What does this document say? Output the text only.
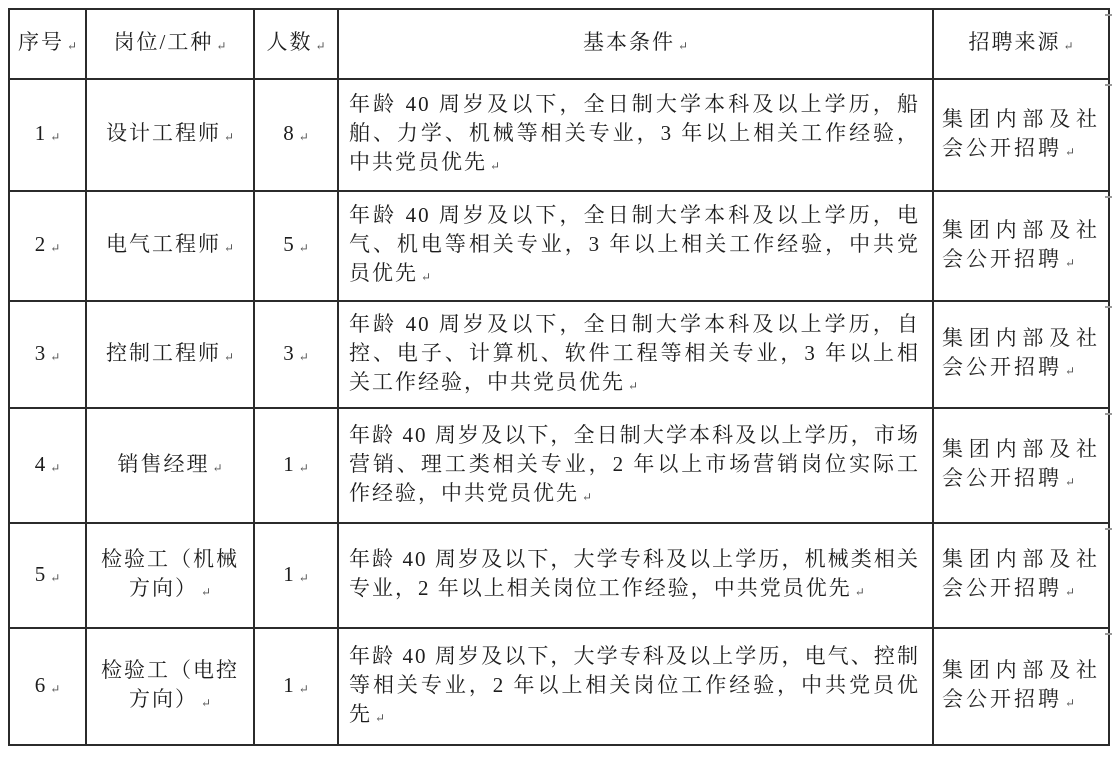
序号 ↵	岗位/工种 ↵	人数 ↵	基本条件 ↵	招聘来源 ↵
1 ↵	设计工程师 ↵	8 ↵	年龄 40 周岁及以下，全日制大学本科及以上学历，船舶、力学、机械等相关专业，3 年以上相关工作经验，中共党员优先 ↵	集团内部及社会公开招聘 ↵
2 ↵	电气工程师 ↵	5 ↵	年龄 40 周岁及以下，全日制大学本科及以上学历，电气、机电等相关专业，3 年以上相关工作经验，中共党员优先 ↵	集团内部及社会公开招聘 ↵
3 ↵	控制工程师 ↵	3 ↵	年龄 40 周岁及以下，全日制大学本科及以上学历，自控、电子、计算机、软件工程等相关专业，3 年以上相关工作经验，中共党员优先 ↵	集团内部及社会公开招聘 ↵
4 ↵	销售经理 ↵	1 ↵	年龄 40 周岁及以下，全日制大学本科及以上学历，市场营销、理工类相关专业，2 年以上市场营销岗位实际工作经验，中共党员优先 ↵	集团内部及社会公开招聘 ↵
5 ↵	检验工（机械方向） ↵	1 ↵	年龄 40 周岁及以下，大学专科及以上学历，机械类相关专业，2 年以上相关岗位工作经验，中共党员优先 ↵	集团内部及社会公开招聘 ↵
6 ↵	检验工（电控方向） ↵	1 ↵	年龄 40 周岁及以下，大学专科及以上学历，电气、控制等相关专业，2 年以上相关岗位工作经验，中共党员优先 ↵	集团内部及社会公开招聘 ↵
